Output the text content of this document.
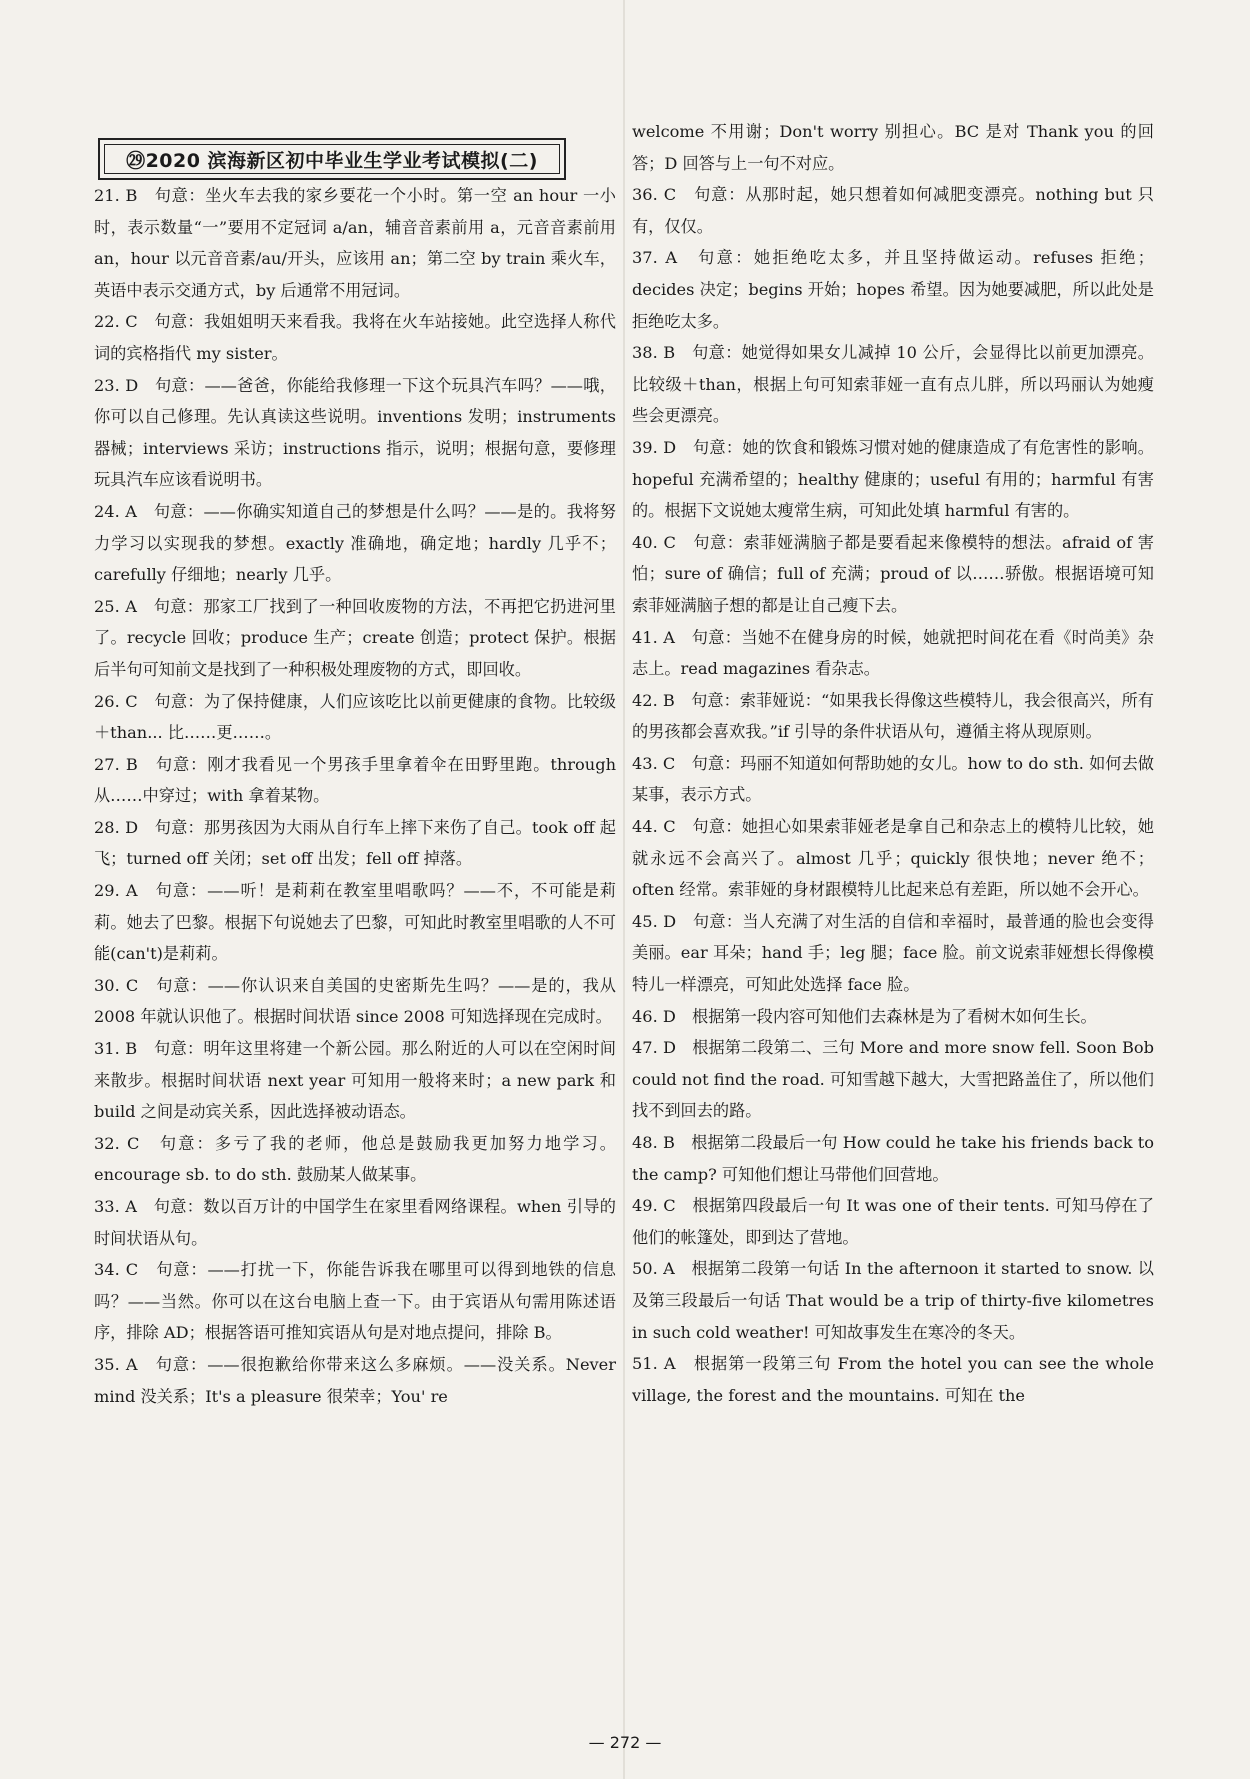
㉙2020 滨海新区初中毕业生学业考试模拟(二)

21. B　句意：坐火车去我的家乡要花一个小时。第一空 an hour 一小时，表示数量“一”要用不定冠词 a/an，辅音音素前用 a，元音音素前用 an，hour 以元音音素/au/开头，应该用 an；第二空 by train 乘火车，英语中表示交通方式，by 后通常不用冠词。

22. C　句意：我姐姐明天来看我。我将在火车站接她。此空选择人称代词的宾格指代 my sister。

23. D　句意：——爸爸，你能给我修理一下这个玩具汽车吗？——哦，你可以自己修理。先认真读这些说明。inventions 发明；instruments 器械；interviews 采访；instructions 指示，说明；根据句意，要修理玩具汽车应该看说明书。

24. A　句意：——你确实知道自己的梦想是什么吗？——是的。我将努力学习以实现我的梦想。exactly 准确地，确定地；hardly 几乎不；carefully 仔细地；nearly 几乎。

25. A　句意：那家工厂找到了一种回收废物的方法，不再把它扔进河里了。recycle 回收；produce 生产；create 创造；protect 保护。根据后半句可知前文是找到了一种积极处理废物的方式，即回收。

26. C　句意：为了保持健康，人们应该吃比以前更健康的食物。比较级＋than... 比……更……。

27. B　句意：刚才我看见一个男孩手里拿着伞在田野里跑。through 从……中穿过；with 拿着某物。

28. D　句意：那男孩因为大雨从自行车上摔下来伤了自己。took off 起飞；turned off 关闭；set off 出发；fell off 掉落。

29. A　句意：——听！是莉莉在教室里唱歌吗？——不，不可能是莉莉。她去了巴黎。根据下句说她去了巴黎，可知此时教室里唱歌的人不可能(can't)是莉莉。

30. C　句意：——你认识来自美国的史密斯先生吗？——是的，我从 2008 年就认识他了。根据时间状语 since 2008 可知选择现在完成时。

31. B　句意：明年这里将建一个新公园。那么附近的人可以在空闲时间来散步。根据时间状语 next year 可知用一般将来时；a new park 和 build 之间是动宾关系，因此选择被动语态。

32. C　句意：多亏了我的老师，他总是鼓励我更加努力地学习。encourage sb. to do sth. 鼓励某人做某事。

33. A　句意：数以百万计的中国学生在家里看网络课程。when 引导的时间状语从句。

34. C　句意：——打扰一下，你能告诉我在哪里可以得到地铁的信息吗？——当然。你可以在这台电脑上查一下。由于宾语从句需用陈述语序，排除 AD；根据答语可推知宾语从句是对地点提问，排除 B。

35. A　句意：——很抱歉给你带来这么多麻烦。——没关系。Never mind 没关系；It's a pleasure 很荣幸；You' re

welcome 不用谢；Don't worry 别担心。BC 是对 Thank you 的回答；D 回答与上一句不对应。

36. C　句意：从那时起，她只想着如何减肥变漂亮。nothing but 只有，仅仅。

37. A　句意：她拒绝吃太多，并且坚持做运动。refuses 拒绝；decides 决定；begins 开始；hopes 希望。因为她要减肥，所以此处是拒绝吃太多。

38. B　句意：她觉得如果女儿减掉 10 公斤，会显得比以前更加漂亮。比较级＋than，根据上句可知索菲娅一直有点儿胖，所以玛丽认为她瘦些会更漂亮。

39. D　句意：她的饮食和锻炼习惯对她的健康造成了有危害性的影响。hopeful 充满希望的；healthy 健康的；useful 有用的；harmful 有害的。根据下文说她太瘦常生病，可知此处填 harmful 有害的。

40. C　句意：索菲娅满脑子都是要看起来像模特的想法。afraid of 害怕；sure of 确信；full of 充满；proud of 以……骄傲。根据语境可知索菲娅满脑子想的都是让自己瘦下去。

41. A　句意：当她不在健身房的时候，她就把时间花在看《时尚美》杂志上。read magazines 看杂志。

42. B　句意：索菲娅说：“如果我长得像这些模特儿，我会很高兴，所有的男孩都会喜欢我。”if 引导的条件状语从句，遵循主将从现原则。

43. C　句意：玛丽不知道如何帮助她的女儿。how to do sth. 如何去做某事，表示方式。

44. C　句意：她担心如果索菲娅老是拿自己和杂志上的模特儿比较，她就永远不会高兴了。almost 几乎；quickly 很快地；never 绝不；often 经常。索菲娅的身材跟模特儿比起来总有差距，所以她不会开心。

45. D　句意：当人充满了对生活的自信和幸福时，最普通的脸也会变得美丽。ear 耳朵；hand 手；leg 腿；face 脸。前文说索菲娅想长得像模特儿一样漂亮，可知此处选择 face 脸。

46. D　根据第一段内容可知他们去森林是为了看树木如何生长。

47. D　根据第二段第二、三句 More and more snow fell. Soon Bob could not find the road. 可知雪越下越大，大雪把路盖住了，所以他们找不到回去的路。

48. B　根据第二段最后一句 How could he take his friends back to the camp? 可知他们想让马带他们回营地。

49. C　根据第四段最后一句 It was one of their tents. 可知马停在了他们的帐篷处，即到达了营地。

50. A　根据第二段第一句话 In the afternoon it started to snow. 以及第三段最后一句话 That would be a trip of thirty-five kilometres in such cold weather! 可知故事发生在寒冷的冬天。

51. A　根据第一段第三句 From the hotel you can see the whole village, the forest and the mountains. 可知在 the

— 272 —
